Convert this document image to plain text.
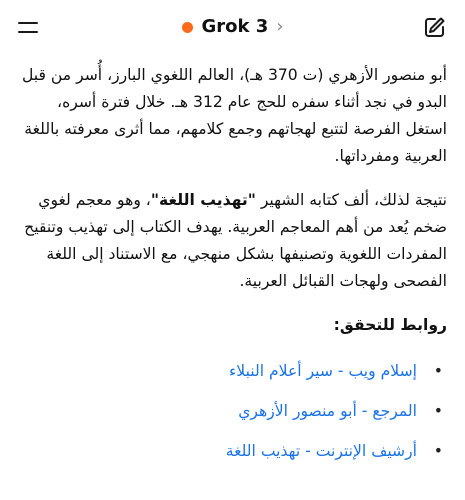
Grok 3 ›

أبو منصور الأزهري (ت 370 هـ)، العالم اللغوي البارز، أُسر من قبل البدو في نجد أثناء سفره للحج عام 312 هـ. خلال فترة أسره، استغل الفرصة لتتبع لهجاتهم وجمع كلامهم، مما أثرى معرفته باللغة العربية ومفرداتها.

نتيجة لذلك، ألف كتابه الشهير "تهذيب اللغة"، وهو معجم لغوي ضخم يُعد من أهم المعاجم العربية. يهدف الكتاب إلى تهذيب وتنقيح المفردات اللغوية وتصنيفها بشكل منهجي، مع الاستناد إلى اللغة الفصحى ولهجات القبائل العربية.

روابط للتحقق:

•
إسلام ويب - سير أعلام النبلاء
•
المرجع - أبو منصور الأزهري
•
أرشيف الإنترنت - تهذيب اللغة
